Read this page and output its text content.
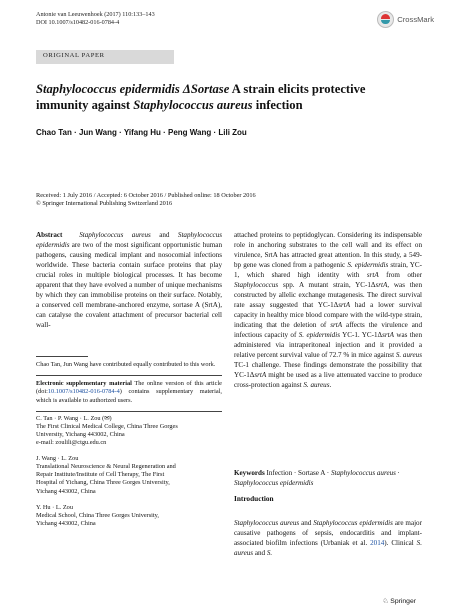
Antonie van Leeuwenhoek (2017) 110:133–143
DOI 10.1007/s10482-016-0784-4	CrossMark
ORIGINAL PAPER
Staphylococcus epidermidis ΔSortase A strain elicits protective immunity against Staphylococcus aureus infection
Chao Tan · Jun Wang · Yifang Hu · Peng Wang · Lili Zou
Received: 1 July 2016 / Accepted: 6 October 2016 / Published online: 18 October 2016
© Springer International Publishing Switzerland 2016
Abstract Staphylococcus aureus and Staphylococcus epidermidis are two of the most significant opportunistic human pathogens, causing medical implant and nosocomial infections worldwide. These bacteria contain surface proteins that play crucial roles in multiple biological processes. It has become apparent that they have evolved a number of unique mechanisms by which they can immobilise proteins on their surface. Notably, a conserved cell membrane-anchored enzyme, sortase A (SrtA), can catalyse the covalent attachment of precursor bacterial cell wall-
Chao Tan, Jun Wang have contributed equally contributed to this work.
Electronic supplementary material The online version of this article (doi:10.1007/s10482-016-0784-4) contains supplementary material, which is available to authorized users.
C. Tan · P. Wang · L. Zou (✉)
The First Clinical Medical College, China Three Gorges
University, Yichang 443002, China
e-mail: zoulili@ctgu.edu.cn
J. Wang · L. Zou
Translational Neuroscience & Neural Regeneration and
Repair Institute/Institute of Cell Therapy, The First
Hospital of Yichang, China Three Gorges University,
Yichang 443002, China
Y. Hu · L. Zou
Medical School, China Three Gorges University,
Yichang 443002, China
attached proteins to peptidoglycan. Considering its indispensable role in anchoring substrates to the cell wall and its effect on virulence, SrtA has attracted great attention. In this study, a 549-bp gene was cloned from a pathogenic S. epidermidis strain, YC-1, which shared high identity with srtA from other Staphylococcus spp. A mutant strain, YC-1ΔsrtA, was then constructed by allelic exchange mutagenesis. The direct survival rate assay suggested that YC-1ΔsrtA had a lower survival capacity in healthy mice blood compare with the wild-type strain, indicating that the deletion of srtA affects the virulence and infectious capacity of S. epidermidis YC-1. YC-1ΔsrtA was then administered via intraperitoneal injection and it provided a relative percent survival value of 72.7 % in mice against S. aureus TC-1 challenge. These findings demonstrate the possibility that YC-1ΔsrtA might be used as a live attenuated vaccine to produce cross-protection against S. aureus.
Keywords Infection · Sortase A · Staphylococcus aureus · Staphylococcus epidermidis
Introduction
Staphylococcus aureus and Staphylococcus epidermidis are major causative pathogens of sepsis, endocarditis and implant-associated biofilm infections (Urbaniak et al. 2014). Clinical S. aureus and S.
♘ Springer
